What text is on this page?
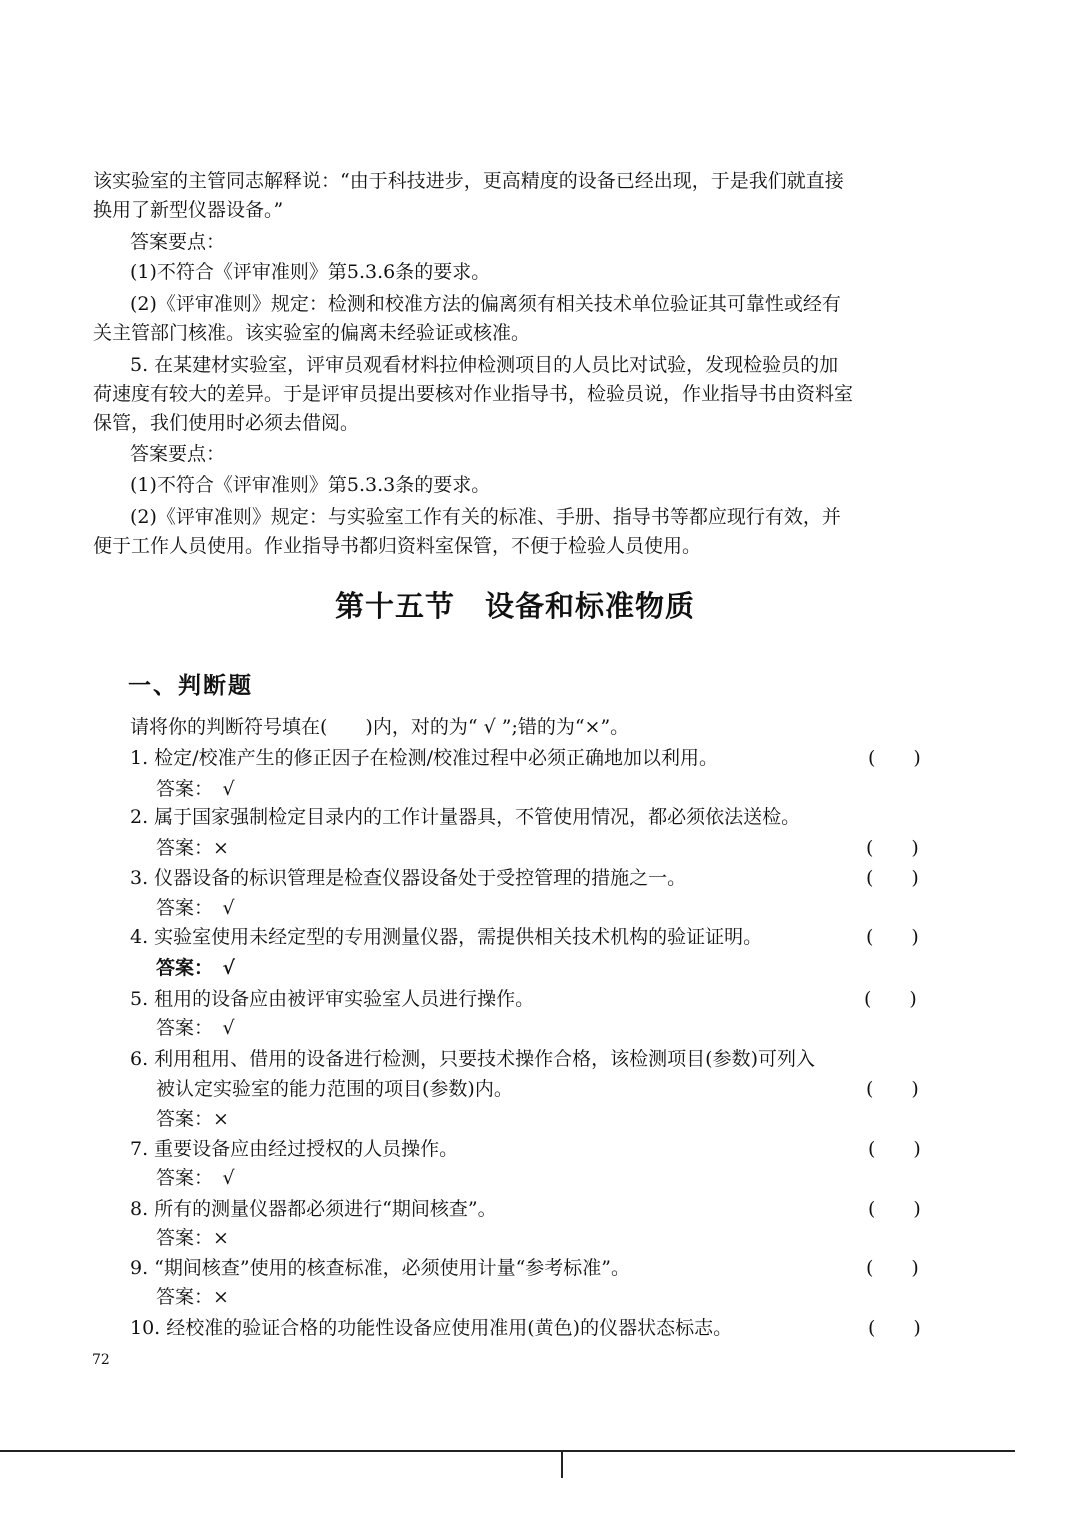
该实验室的主管同志解释说：“由于科技进步，更高精度的设备已经出现，于是我们就直接
换用了新型仪器设备。”
答案要点：
(1)不符合《评审准则》第5.3.6条的要求。
(2)《评审准则》规定：检测和校准方法的偏离须有相关技术单位验证其可靠性或经有
关主管部门核准。该实验室的偏离未经验证或核准。
5. 在某建材实验室，评审员观看材料拉伸检测项目的人员比对试验，发现检验员的加
荷速度有较大的差异。于是评审员提出要核对作业指导书，检验员说，作业指导书由资料室
保管，我们使用时必须去借阅。
答案要点：
(1)不符合《评审准则》第5.3.3条的要求。
(2)《评审准则》规定：与实验室工作有关的标准、手册、指导书等都应现行有效，并
便于工作人员使用。作业指导书都归资料室保管，不便于检验人员使用。
第十五节　设备和标准物质
一、判断题
请将你的判断符号填在(　　)内，对的为“ √ ”;错的为“×”。
1. 检定/校准产生的修正因子在检测/校准过程中必须正确地加以利用。	(　　)
答案：　√
2. 属于国家强制检定目录内的工作计量器具，不管使用情况，都必须依法送检。
答案：×	(　　)
3. 仪器设备的标识管理是检查仪器设备处于受控管理的措施之一。	(　　)
答案：　√
4. 实验室使用未经定型的专用测量仪器，需提供相关技术机构的验证证明。	(　　)
答案：　√
5. 租用的设备应由被评审实验室人员进行操作。	(　　)
答案：　√
6. 利用租用、借用的设备进行检测，只要技术操作合格，该检测项目(参数)可列入
被认定实验室的能力范围的项目(参数)内。	(　　)
答案：×
7. 重要设备应由经过授权的人员操作。	(　　)
答案：　√
8. 所有的测量仪器都必须进行“期间核查”。	(　　)
答案：×
9. “期间核查”使用的核查标准，必须使用计量“参考标准”。	(　　)
答案：×
10. 经校准的验证合格的功能性设备应使用准用(黄色)的仪器状态标志。	(　　)
72
